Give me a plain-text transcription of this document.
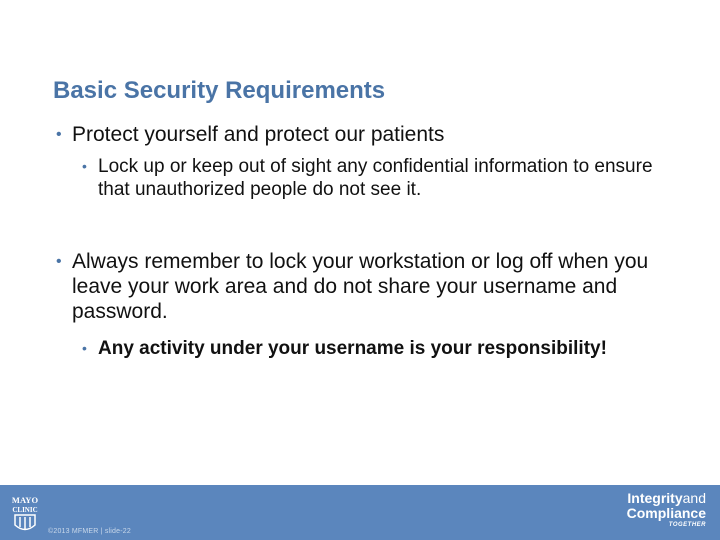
Basic Security Requirements
• Protect yourself and protect our patients
• Lock up or keep out of sight any confidential information to ensure that unauthorized people do not see it.
• Always remember to lock your workstation or log off when you leave your work area and do not share your username and password.
• Any activity under your username is your responsibility!
MAYO
CLINIC
©2013 MFMER | slide-22
Integrityand
Compliance
TOGETHER
